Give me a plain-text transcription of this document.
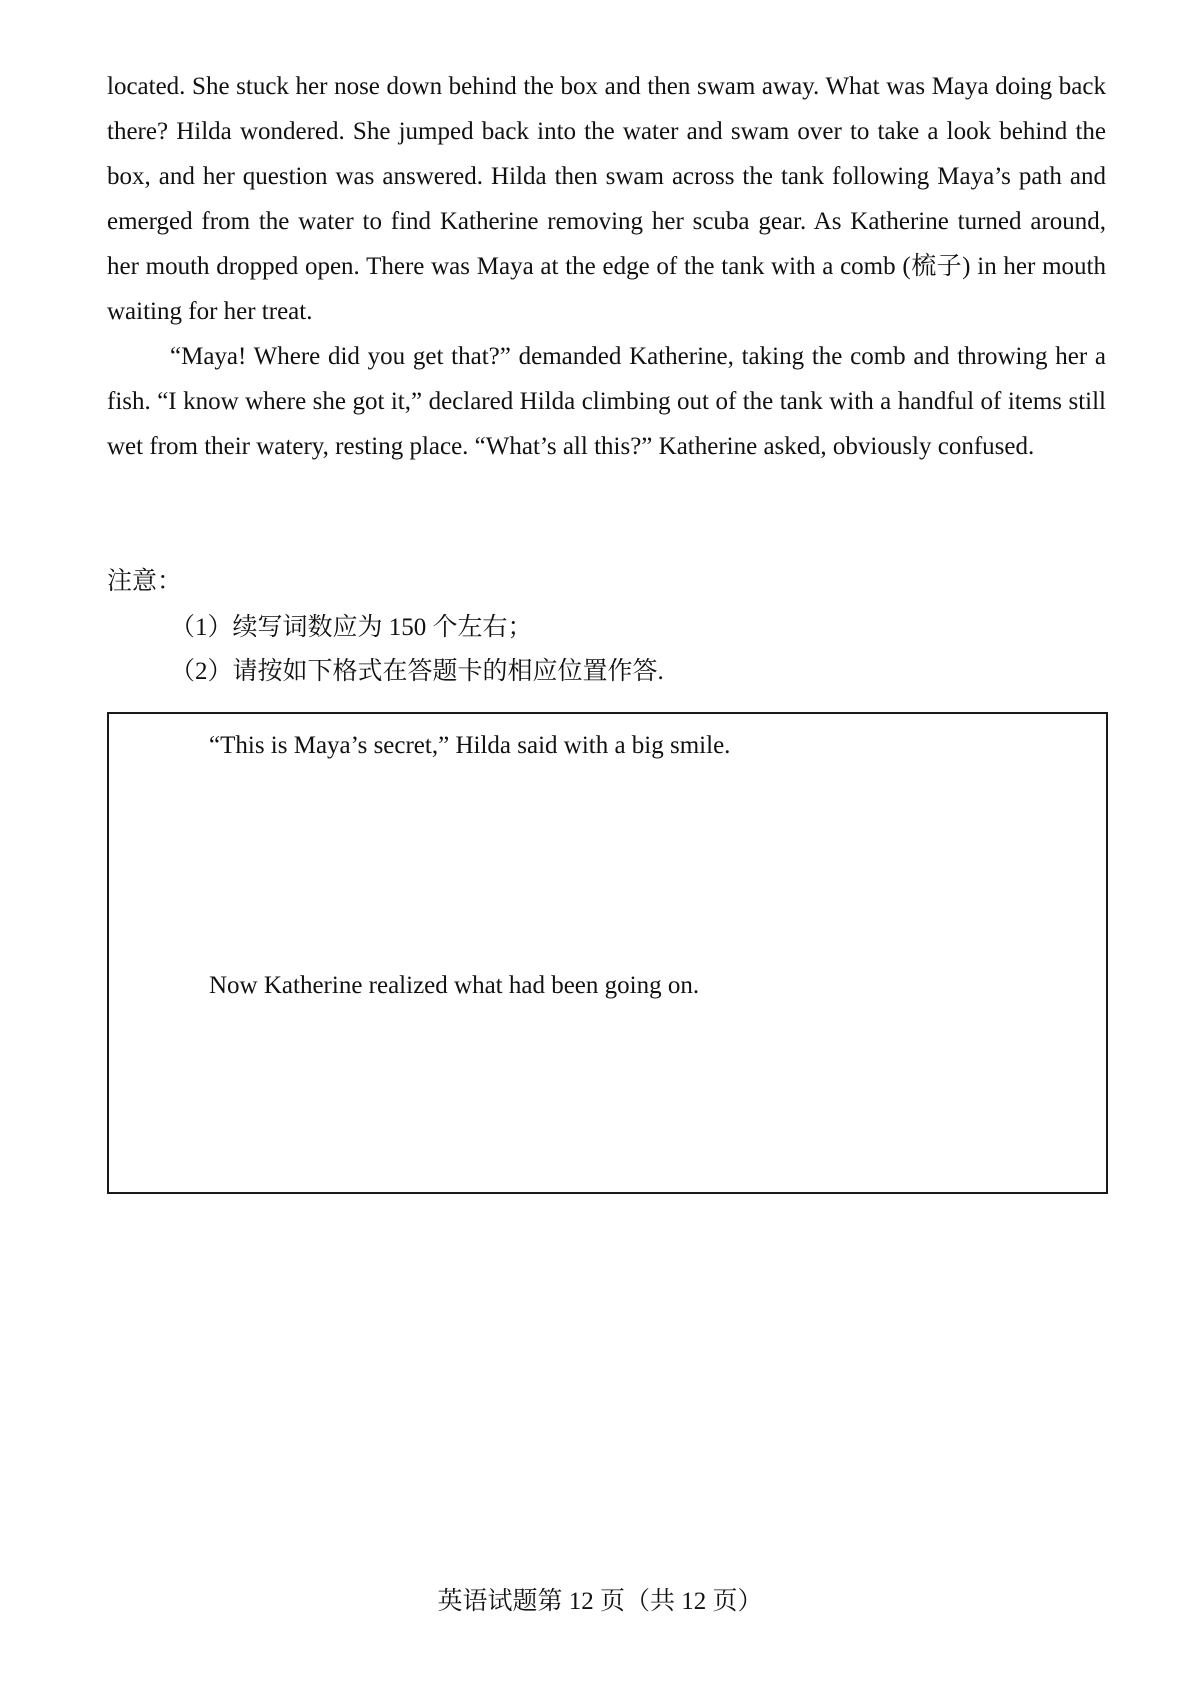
located. She stuck her nose down behind the box and then swam away. What was Maya doing back there? Hilda wondered. She jumped back into the water and swam over to take a look behind the box, and her question was answered. Hilda then swam across the tank following Maya’s path and emerged from the water to find Katherine removing her scuba gear. As Katherine turned around, her mouth dropped open. There was Maya at the edge of the tank with a comb (梳子) in her mouth waiting for her treat.

“Maya! Where did you get that?” demanded Katherine, taking the comb and throwing her a fish. “I know where she got it,” declared Hilda climbing out of the tank with a handful of items still wet from their watery, resting place. “What’s all this?” Katherine asked, obviously confused.

注意：
（1）续写词数应为 150 个左右；
（2）请按如下格式在答题卡的相应位置作答.
“This is Maya’s secret,” Hilda said with a big smile.
Now Katherine realized what had been going on.
英语试题第 12 页（共 12 页）
